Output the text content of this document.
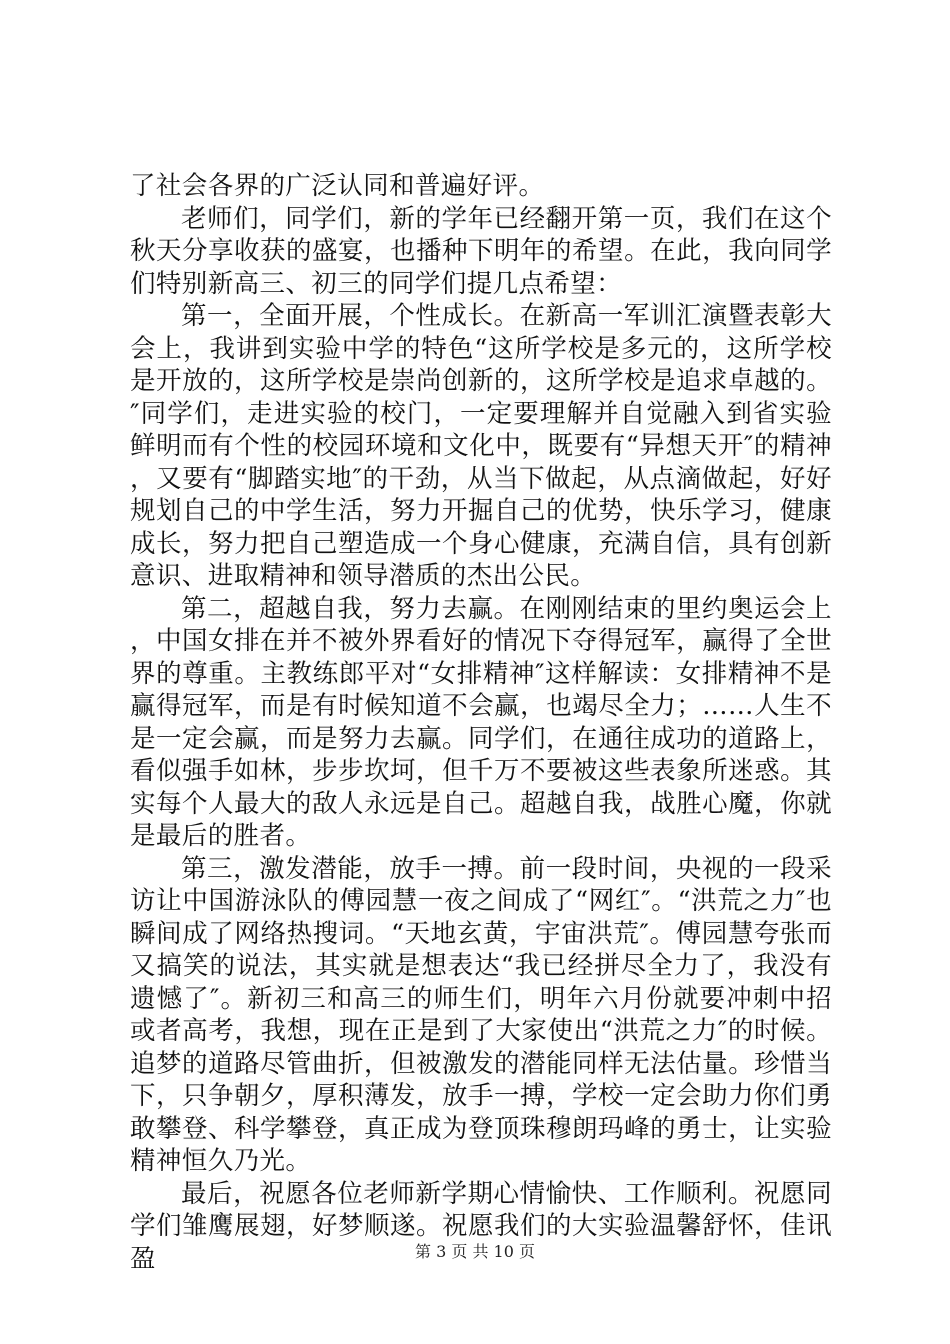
了社会各界的广泛认同和普遍好评。

老师们，同学们，新的学年已经翻开第一页，我们在这个秋天分享收获的盛宴，也播种下明年的希望。在此，我向同学们特别新高三、初三的同学们提几点希望：

第一，全面开展，个性成长。在新高一军训汇演暨表彰大会上，我讲到实验中学的特色“这所学校是多元的，这所学校是开放的，这所学校是崇尚创新的，这所学校是追求卓越的。″同学们，走进实验的校门，一定要理解并自觉融入到省实验鲜明而有个性的校园环境和文化中，既要有“异想天开″的精神，又要有“脚踏实地″的干劲，从当下做起，从点滴做起，好好规划自己的中学生活，努力开掘自己的优势，快乐学习，健康成长，努力把自己塑造成一个身心健康，充满自信，具有创新意识、进取精神和领导潜质的杰出公民。

第二，超越自我，努力去赢。在刚刚结束的里约奥运会上，中国女排在并不被外界看好的情况下夺得冠军，赢得了全世界的尊重。主教练郎平对“女排精神″这样解读：女排精神不是赢得冠军，而是有时候知道不会赢，也竭尽全力；……人生不是一定会赢，而是努力去赢。同学们，在通往成功的道路上，看似强手如林，步步坎坷，但千万不要被这些表象所迷惑。其实每个人最大的敌人永远是自己。超越自我，战胜心魔，你就是最后的胜者。

第三，激发潜能，放手一搏。前一段时间，央视的一段采访让中国游泳队的傅园慧一夜之间成了“网红″。“洪荒之力″也瞬间成了网络热搜词。“天地玄黄，宇宙洪荒″。傅园慧夸张而又搞笑的说法，其实就是想表达“我已经拼尽全力了，我没有遗憾了″。新初三和高三的师生们，明年六月份就要冲刺中招或者高考，我想，现在正是到了大家使出“洪荒之力″的时候。追梦的道路尽管曲折，但被激发的潜能同样无法估量。珍惜当下，只争朝夕，厚积薄发，放手一搏，学校一定会助力你们勇敢攀登、科学攀登，真正成为登顶珠穆朗玛峰的勇士，让实验精神恒久乃光。

最后，祝愿各位老师新学期心情愉快、工作顺利。祝愿同学们雏鹰展翅，好梦顺遂。祝愿我们的大实验温馨舒怀，佳讯盈	第 3 页 共 10 页
